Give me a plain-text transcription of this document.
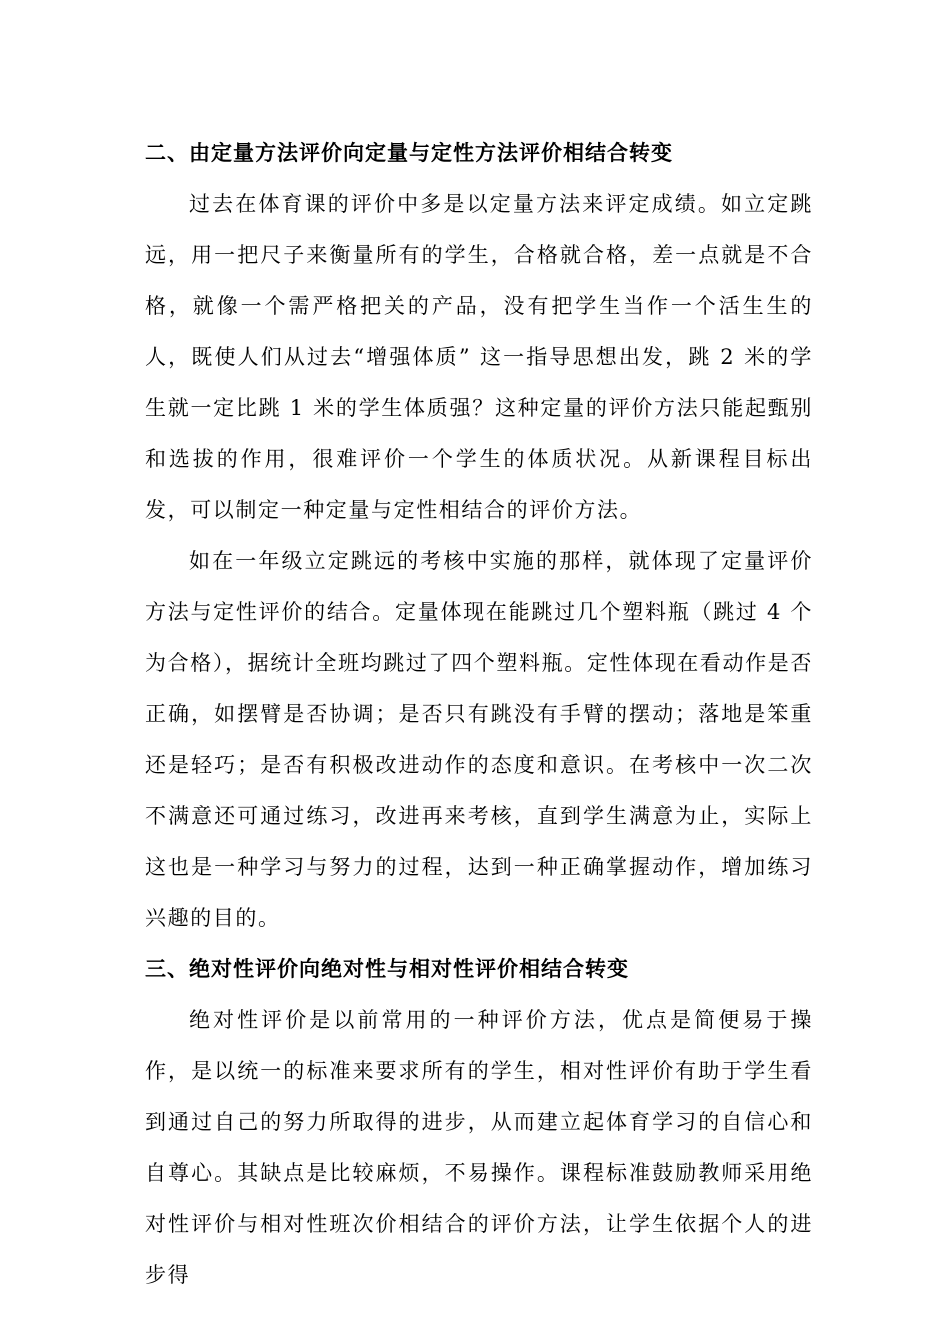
二、由定量方法评价向定量与定性方法评价相结合转变

过去在体育课的评价中多是以定量方法来评定成绩。如立定跳远，用一把尺子来衡量所有的学生，合格就合格，差一点就是不合格，就像一个需严格把关的产品，没有把学生当作一个活生生的人，既使人们从过去“增强体质” 这一指导思想出发，跳 2 米的学生就一定比跳 1 米的学生体质强？这种定量的评价方法只能起甄别和选拔的作用，很难评价一个学生的体质状况。从新课程目标出发，可以制定一种定量与定性相结合的评价方法。

如在一年级立定跳远的考核中实施的那样，就体现了定量评价方法与定性评价的结合。定量体现在能跳过几个塑料瓶（跳过 4 个为合格），据统计全班均跳过了四个塑料瓶。定性体现在看动作是否正确，如摆臂是否协调；是否只有跳没有手臂的摆动；落地是笨重还是轻巧；是否有积极改进动作的态度和意识。在考核中一次二次不满意还可通过练习，改进再来考核，直到学生满意为止，实际上这也是一种学习与努力的过程，达到一种正确掌握动作，增加练习兴趣的目的。

三、绝对性评价向绝对性与相对性评价相结合转变

绝对性评价是以前常用的一种评价方法，优点是简便易于操作，是以统一的标准来要求所有的学生，相对性评价有助于学生看到通过自己的努力所取得的进步，从而建立起体育学习的自信心和自尊心。其缺点是比较麻烦，不易操作。课程标准鼓励教师采用绝对性评价与相对性班次价相结合的评价方法，让学生依据个人的进步得
